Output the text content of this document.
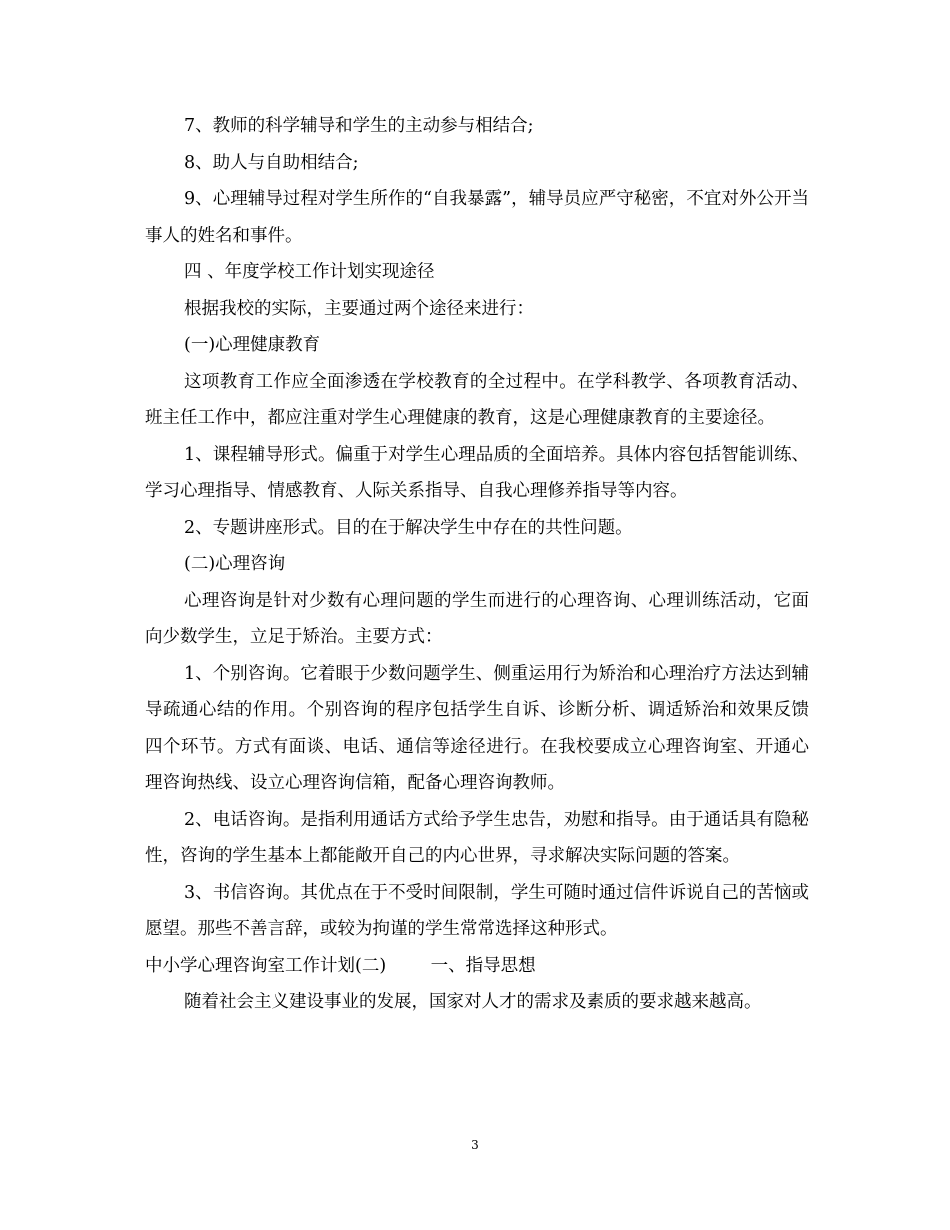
7、教师的科学辅导和学生的主动参与相结合;

8、助人与自助相结合;

9、心理辅导过程对学生所作的“自我暴露”，辅导员应严守秘密，不宜对外公开当事人的姓名和事件。

四 、年度学校工作计划实现途径

根据我校的实际，主要通过两个途径来进行：

(一)心理健康教育

这项教育工作应全面渗透在学校教育的全过程中。在学科教学、各项教育活动、班主任工作中，都应注重对学生心理健康的教育，这是心理健康教育的主要途径。

1、课程辅导形式。偏重于对学生心理品质的全面培养。具体内容包括智能训练、学习心理指导、情感教育、人际关系指导、自我心理修养指导等内容。

2、专题讲座形式。目的在于解决学生中存在的共性问题。

(二)心理咨询

心理咨询是针对少数有心理问题的学生而进行的心理咨询、心理训练活动，它面向少数学生，立足于矫治。主要方式：

1、个别咨询。它着眼于少数问题学生、侧重运用行为矫治和心理治疗方法达到辅导疏通心结的作用。个别咨询的程序包括学生自诉、诊断分析、调适矫治和效果反馈四个环节。方式有面谈、电话、通信等途径进行。在我校要成立心理咨询室、开通心理咨询热线、设立心理咨询信箱，配备心理咨询教师。

2、电话咨询。是指利用通话方式给予学生忠告，劝慰和指导。由于通话具有隐秘性，咨询的学生基本上都能敞开自己的内心世界，寻求解决实际问题的答案。

3、书信咨询。其优点在于不受时间限制，学生可随时通过信件诉说自己的苦恼或愿望。那些不善言辞，或较为拘谨的学生常常选择这种形式。

中小学心理咨询室工作计划(二)	一、指导思想

随着社会主义建设事业的发展，国家对人才的需求及素质的要求越来越高。

3
